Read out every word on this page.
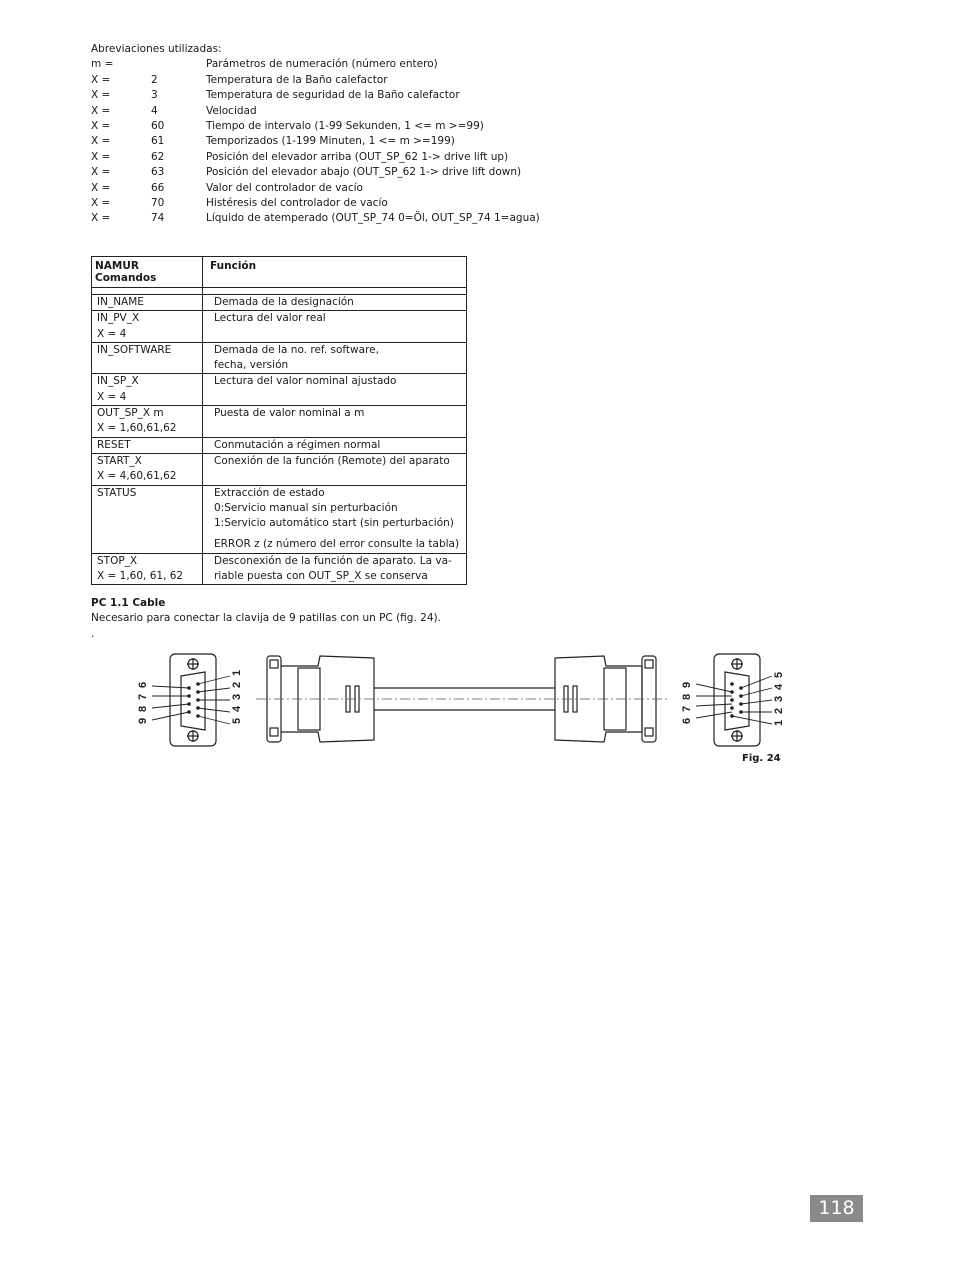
Abreviaciones utilizadas:
m =	Parámetros de numeración (número entero)
X =	2	Temperatura de la Baño calefactor
X =	3	Temperatura de seguridad de la Baño calefactor
X =	4	Velocidad
X =	60	Tiempo de intervalo (1-99 Sekunden, 1 <= m >=99)
X =	61	Temporizados (1-199 Minuten, 1 <= m >=199)
X =	62	Posición del elevador arriba (OUT_SP_62 1-> drive lift up)
X =	63	Posición del elevador abajo (OUT_SP_62 1-> drive lift down)
X =	66	Valor del controlador de vacío
X =	70	Histéresis del controlador de vacío
X =	74	Líquido de atemperado (OUT_SP_74 0=Öl, OUT_SP_74 1=agua)
NAMUR Comandos	Función

IN_NAME	Demada de la designación

IN_PV_X
X = 4	Lectura del valor real

IN_SOFTWARE	Demada de la no. ref. software,
fecha, versión

IN_SP_X
X = 4	Lectura del valor nominal ajustado

OUT_SP_X m
X = 1,60,61,62	Puesta de valor nominal a m

RESET	Conmutación a régimen normal

START_X
X = 4,60,61,62	Conexión de la función (Remote) del aparato

STATUS	Extracción de estado
0:Servicio manual sin perturbación
1:Servicio automático start (sin perturbación)
ERROR z (z número del error consulte la tabla)

STOP_X
X = 1,60, 61, 62	Desconexión de la función de aparato. La va-
riable puesta con OUT_SP_X se conserva
PC 1.1 Cable
Necesario para conectar la clavija de 9 patillas con un PC (fig. 24).
.
6
7
8
9
1
2
3
4
5
9
8
7
6
5
4
3
2
1
Fig. 24
118
